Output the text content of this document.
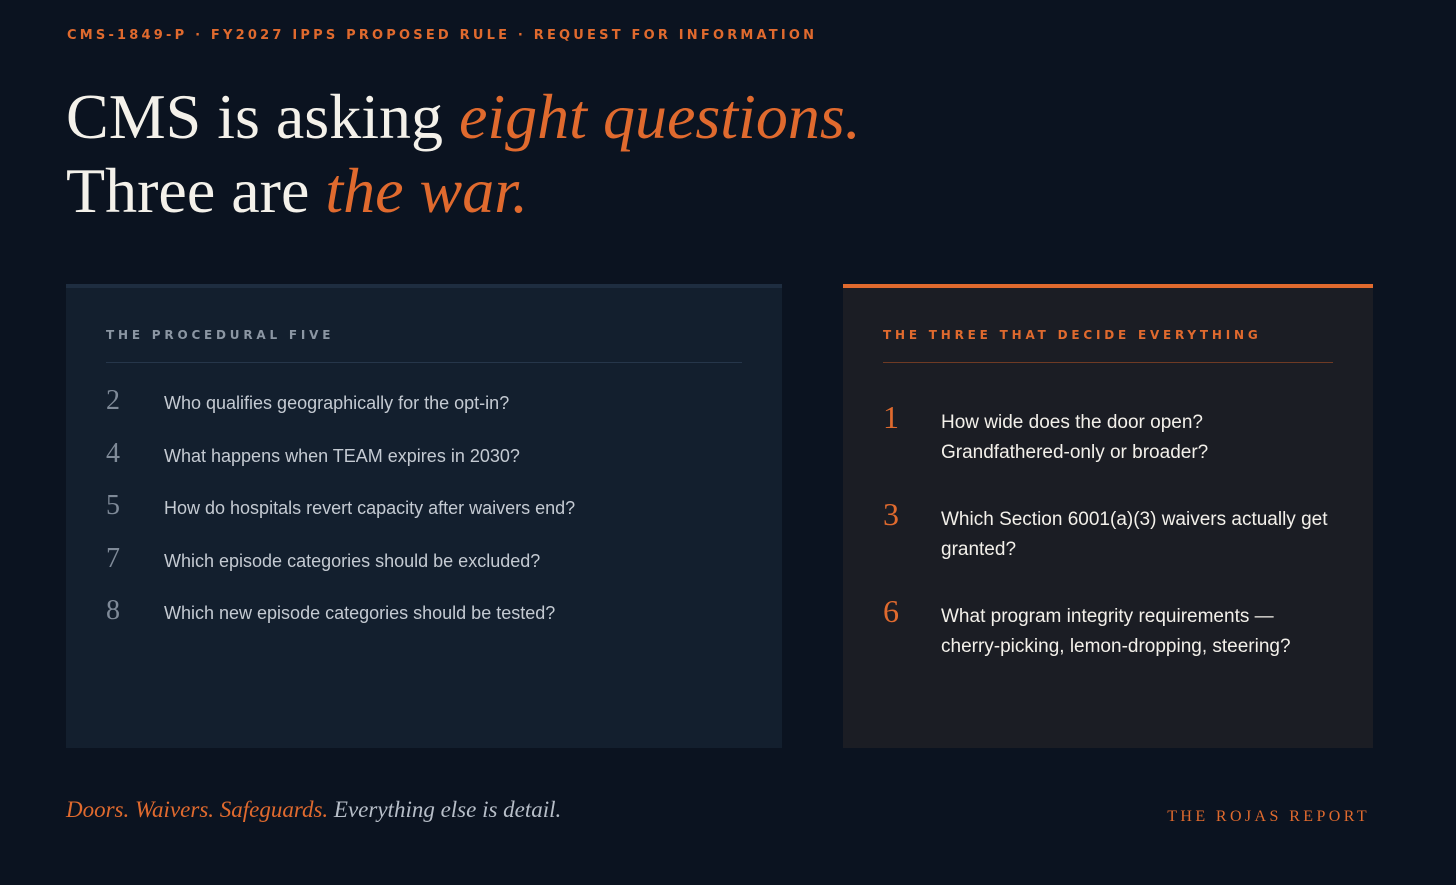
CMS-1849-P · FY2027 IPPS PROPOSED RULE · REQUEST FOR INFORMATION
CMS is asking eight questions.
Three are the war.
THE PROCEDURAL FIVE
2	Who qualifies geographically for the opt-in?
4	What happens when TEAM expires in 2030?
5	How do hospitals revert capacity after waivers end?
7	Which episode categories should be excluded?
8	Which new episode categories should be tested?
THE THREE THAT DECIDE EVERYTHING
1	How wide does the door open? Grandfathered-only or broader?
3	Which Section 6001(a)(3) waivers actually get granted?
6	What program integrity requirements — cherry-picking, lemon-dropping, steering?
Doors. Waivers. Safeguards. Everything else is detail.	THE ROJAS REPORT
